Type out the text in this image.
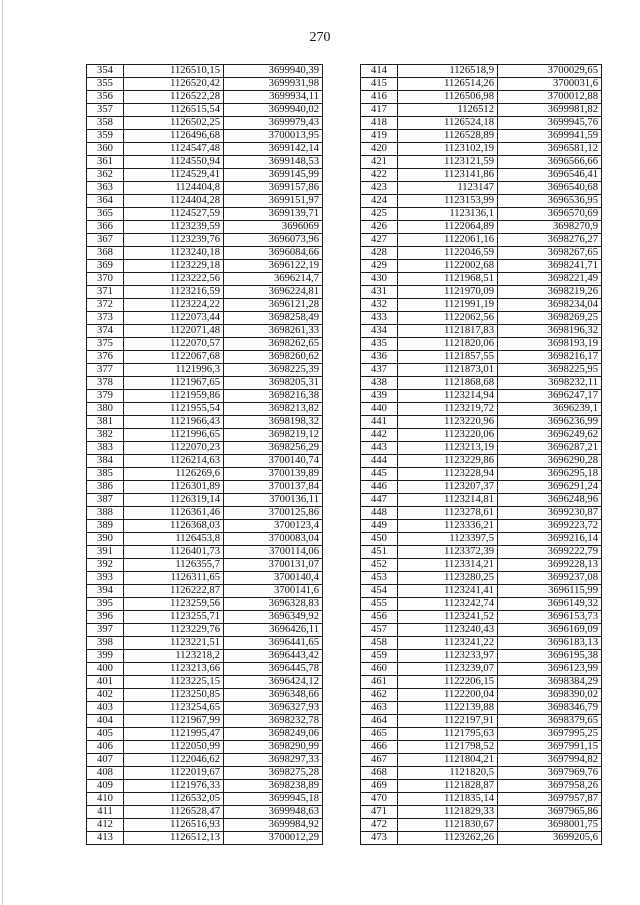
270
354	1126510,15	3699940,39
355	1126520,42	3699931,98
356	1126522,28	3699934,11
357	1126515,54	3699940,02
358	1126502,25	3699979,43
359	1126496,68	3700013,95
360	1124547,48	3699142,14
361	1124550,94	3699148,53
362	1124529,41	3699145,99
363	1124404,8	3699157,86
364	1124404,28	3699151,97
365	1124527,59	3699139,71
366	1123239,59	3696069
367	1123239,76	3696073,96
368	1123240,18	3696084,66
369	1123229,18	3696122,19
370	1123222,56	3696214,7
371	1123216,59	3696224,81
372	1123224,22	3696121,28
373	1122073,44	3698258,49
374	1122071,48	3698261,33
375	1122070,57	3698262,65
376	1122067,68	3698260,62
377	1121996,3	3698225,39
378	1121967,65	3698205,31
379	1121959,86	3698216,38
380	1121955,54	3698213,82
381	1121966,43	3698198,32
382	1121996,65	3698219,12
383	1122070,23	3698256,29
384	1126214,63	3700140,74
385	1126269,6	3700139,89
386	1126301,89	3700137,84
387	1126319,14	3700136,11
388	1126361,46	3700125,86
389	1126368,03	3700123,4
390	1126453,8	3700083,04
391	1126401,73	3700114,06
392	1126355,7	3700131,07
393	1126311,65	3700140,4
394	1126222,87	3700141,6
395	1123259,56	3696328,83
396	1123255,71	3696349,92
397	1123229,76	3696426,11
398	1123221,51	3696441,65
399	1123218,2	3696443,42
400	1123213,66	3696445,78
401	1123225,15	3696424,12
402	1123250,85	3696348,66
403	1123254,65	3696327,93
404	1121967,99	3698232,78
405	1121995,47	3698249,06
406	1122050,99	3698290,99
407	1122046,62	3698297,33
408	1122019,67	3698275,28
409	1121976,33	3698238,89
410	1126532,05	3699945,18
411	1126528,47	3699948,63
412	1126516,93	3699984,92
413	1126512,13	3700012,29
414	1126518,9	3700029,65
415	1126514,26	3700031,6
416	1126506,98	3700012,88
417	1126512	3699981,82
418	1126524,18	3699945,76
419	1126528,89	3699941,59
420	1123102,19	3696581,12
421	1123121,59	3696566,66
422	1123141,86	3696546,41
423	1123147	3696540,68
424	1123153,99	3696536,95
425	1123136,1	3696570,69
426	1122064,89	3698270,9
427	1122061,16	3698276,27
428	1122046,59	3698267,65
429	1122002,68	3698241,71
430	1121968,51	3698221,49
431	1121970,09	3698219,26
432	1121991,19	3698234,04
433	1122062,56	3698269,25
434	1121817,83	3698196,32
435	1121820,06	3698193,19
436	1121857,55	3698216,17
437	1121873,01	3698225,95
438	1121868,68	3698232,11
439	1123214,94	3696247,17
440	1123219,72	3696239,1
441	1123220,96	3696236,99
442	1123220,06	3696249,62
443	1123213,19	3696287,21
444	1123229,86	3696290,28
445	1123228,94	3696295,18
446	1123207,37	3696291,24
447	1123214,81	3696248,96
448	1123278,61	3699230,87
449	1123336,21	3699223,72
450	1123397,5	3699216,14
451	1123372,39	3699222,79
452	1123314,21	3699228,13
453	1123280,25	3699237,08
454	1123241,41	3696115,99
455	1123242,74	3696149,32
456	1123241,52	3696153,73
457	1123240,43	3696169,09
458	1123241,22	3696183,13
459	1123233,97	3696195,38
460	1123239,07	3696123,99
461	1122206,15	3698384,29
462	1122200,04	3698390,02
463	1122139,88	3698346,79
464	1122197,91	3698379,65
465	1121795,63	3697995,25
466	1121798,52	3697991,15
467	1121804,21	3697994,82
468	1121820,5	3697969,76
469	1121828,87	3697958,26
470	1121835,14	3697957,87
471	1121829,33	3697965,86
472	1121830,67	3698001,75
473	1123262,26	3699205,6
